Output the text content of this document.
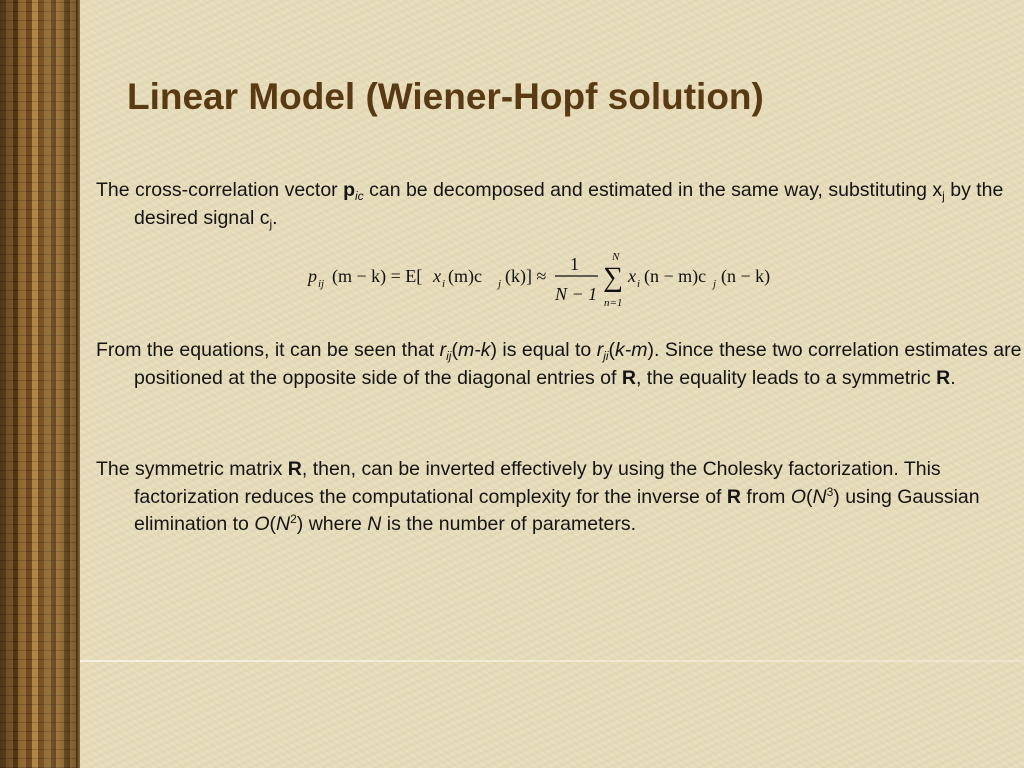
Linear Model (Wiener-Hopf solution)
The cross-correlation vector $p_{ic}$ can be decomposed and estimated in the same way, substituting $x_j$ by the desired signal $c_j$.
p ij (m − k) = E[ x i (m)c j (k)] ≈
1
N − 1
N
∑
n=1
x i (n − m)c j (n − k)
From the equations, it can be seen that $r_{ij}(m-k)$ is equal to $r_{ji}(k-m)$. Since these two correlation estimates are positioned at the opposite side of the diagonal entries of R, the equality leads to a symmetric R.
The symmetric matrix R, then, can be inverted effectively by using the Cholesky factorization. This factorization reduces the computational complexity for the inverse of R from $O(N^3)$ using Gaussian elimination to $O(N^2)$ where N is the number of parameters.
